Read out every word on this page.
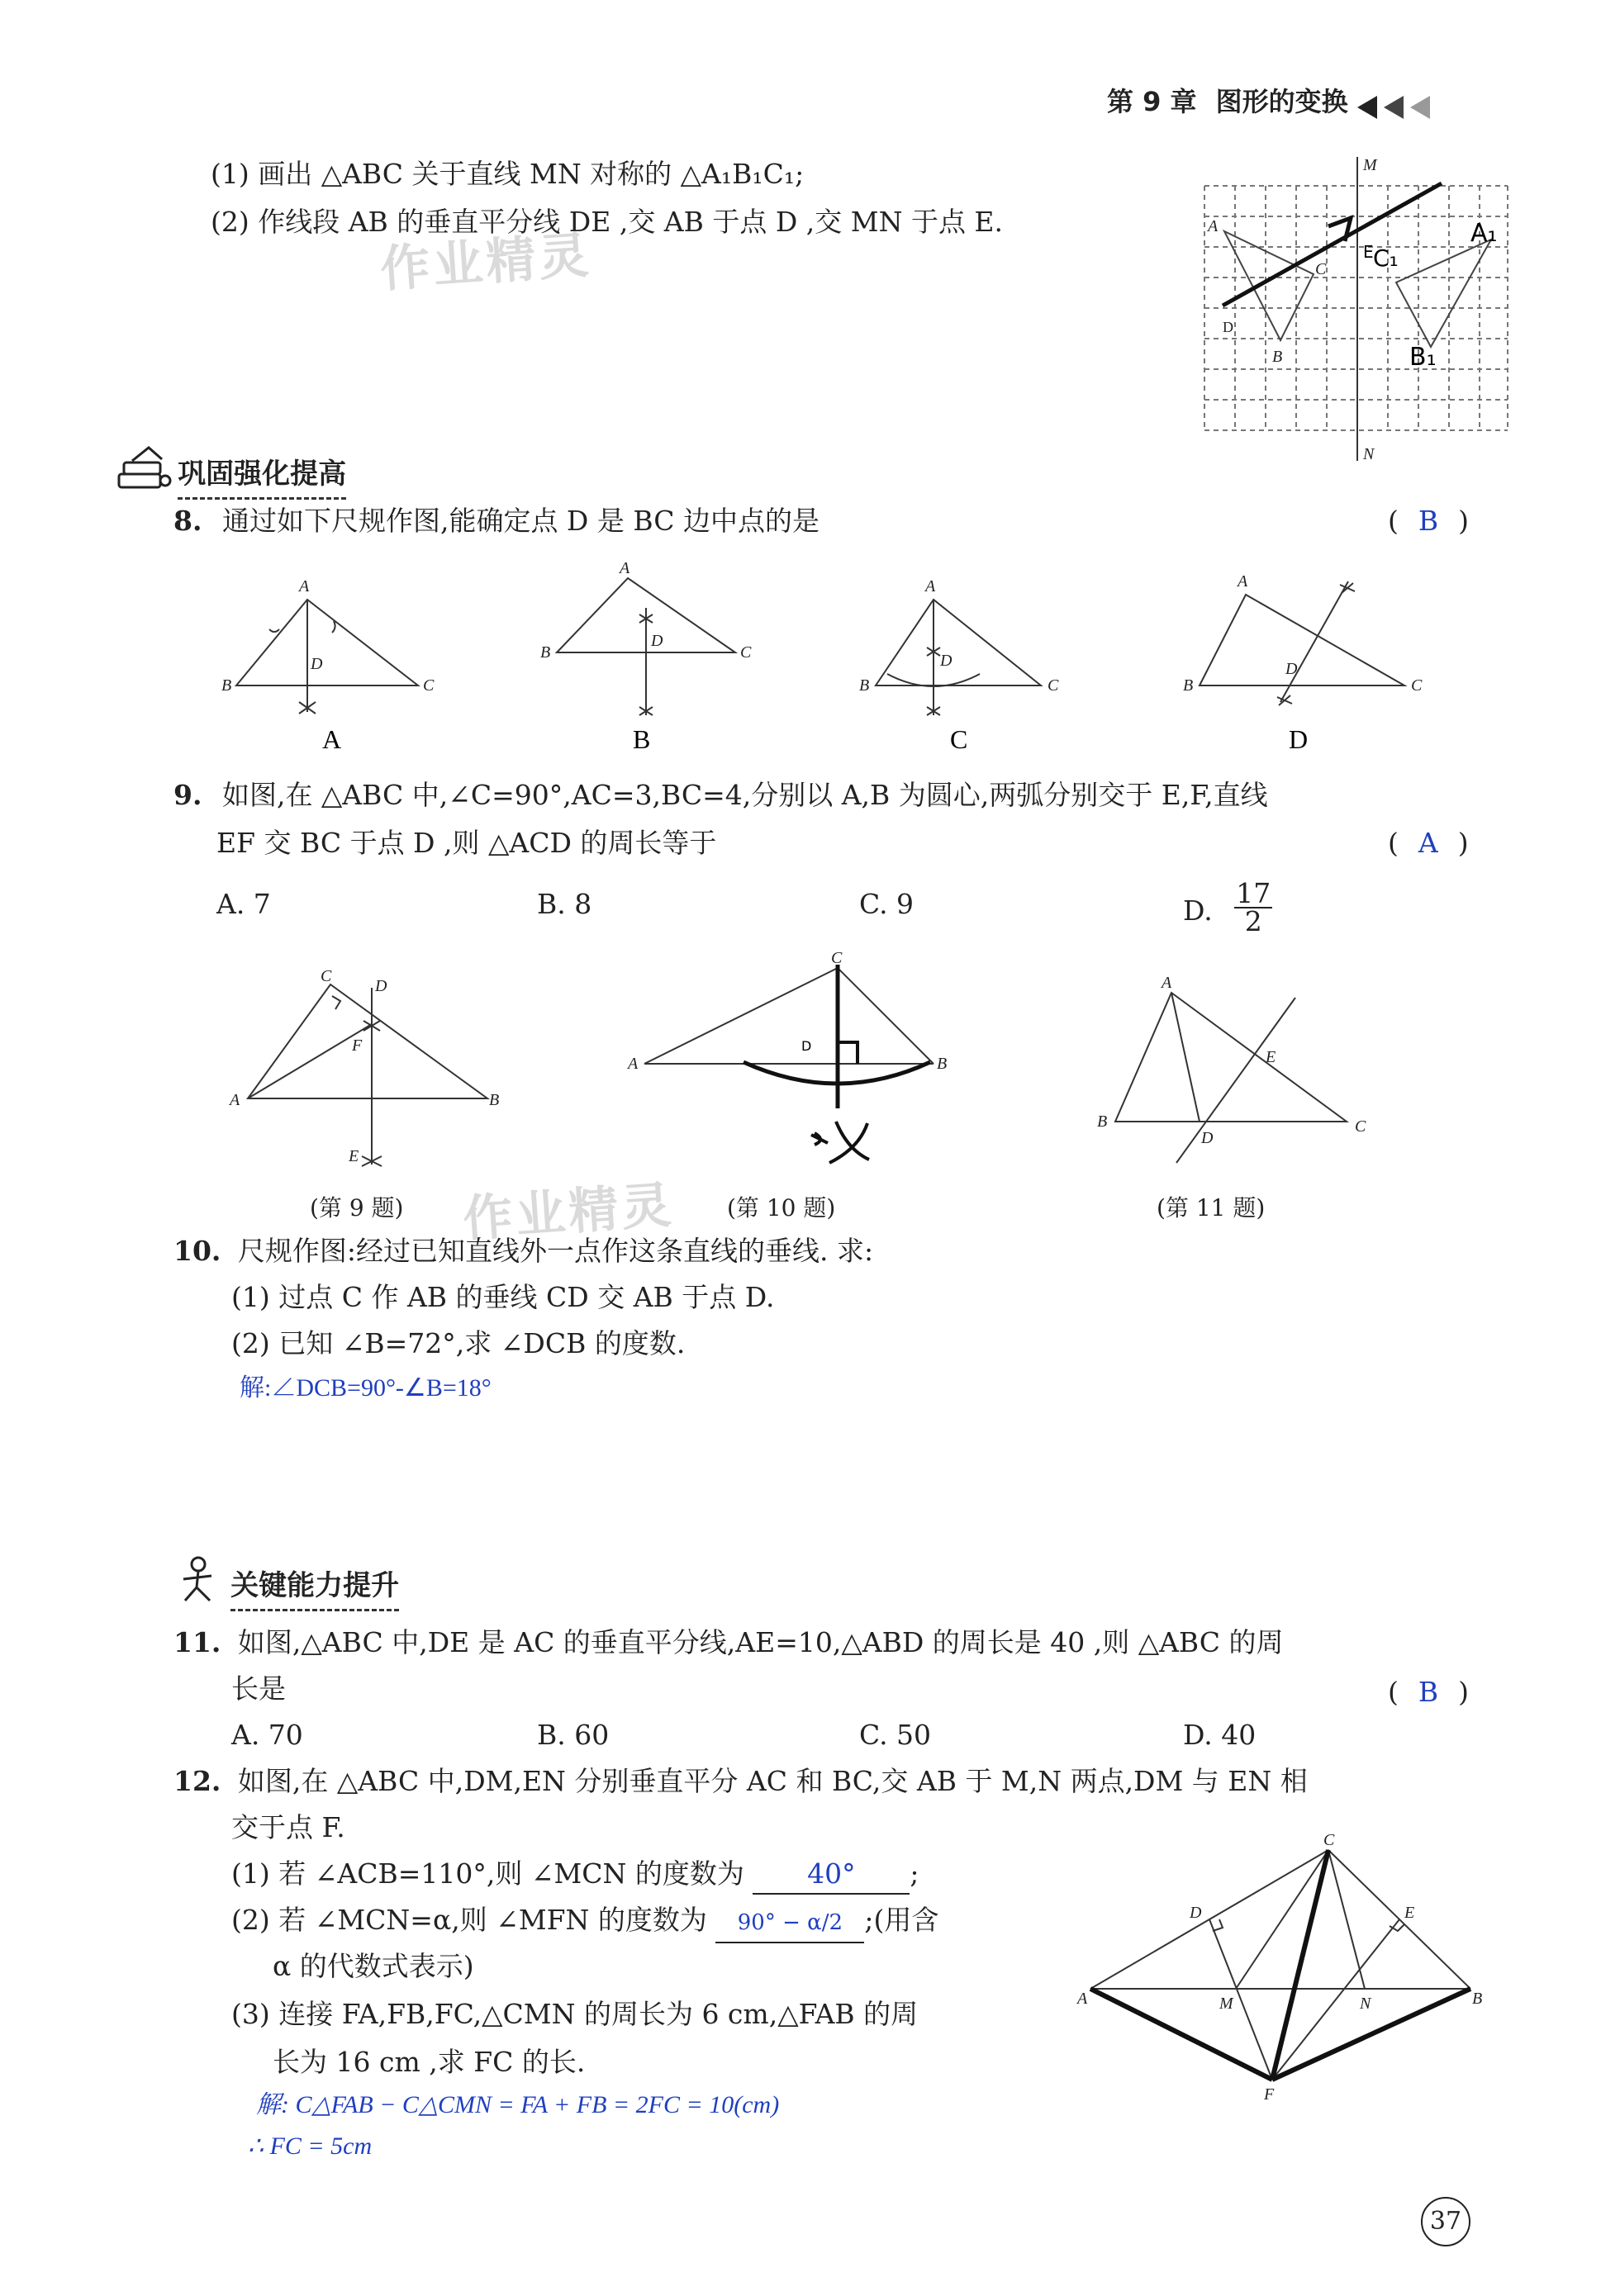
第 9 章 图形的变换
(1) 画出 △ABC 关于直线 MN 对称的 △A₁B₁C₁;
(2) 作线段 AB 的垂直平分线 DE ,交 AB 于点 D ,交 MN 于点 E.
作业精灵
M
N
A
B
C
D
E C₁
A₁
B₁
巩固强化提高
8. 通过如下尺规作图,能确定点 D 是 BC 边中点的是	( B )
A
B	C
D
A
A
B	C
D
B
A
B	C
D
C
A
B	C
D
D
9. 如图,在 △ABC 中,∠C=90°,AC=3,BC=4,分别以 A,B 为圆心,两弧分别交于 E,F,直线
EF 交 BC 于点 D ,则 △ACD 的周长等于	( A )
A. 7	B. 8	C. 9	D. $\frac{17}{2}$
C
D
F
A	B
E
C
D
A	B
A
E
B
D
C
(第 9 题)	(第 10 题)	(第 11 题)
作业精灵
10. 尺规作图:经过已知直线外一点作这条直线的垂线. 求:
(1) 过点 C 作 AB 的垂线 CD 交 AB 于点 D.
(2) 已知 ∠B=72°,求 ∠DCB 的度数.
解:∠DCB=90°-∠B=18°
关键能力提升
11. 如图,△ABC 中,DE 是 AC 的垂直平分线,AE=10,△ABD 的周长是 40 ,则 △ABC 的周
长是	( B )
A. 70	B. 60	C. 50	D. 40
12. 如图,在 △ABC 中,DM,EN 分别垂直平分 AC 和 BC,交 AB 于 M,N 两点,DM 与 EN 相
交于点 F.
(1) 若 ∠ACB=110°,则 ∠MCN 的度数为 40° ;
(2) 若 ∠MCN=α,则 ∠MFN 的度数为 90° − α/2 ;(用含
α 的代数式表示)
(3) 连接 FA,FB,FC,△CMN 的周长为 6 cm,△FAB 的周
长为 16 cm ,求 FC 的长.
解: C△FAB − C△CMN = FA + FB = 2FC = 10(cm)
∴ FC = 5cm
C
D	E
A	M	N	B
F
37
